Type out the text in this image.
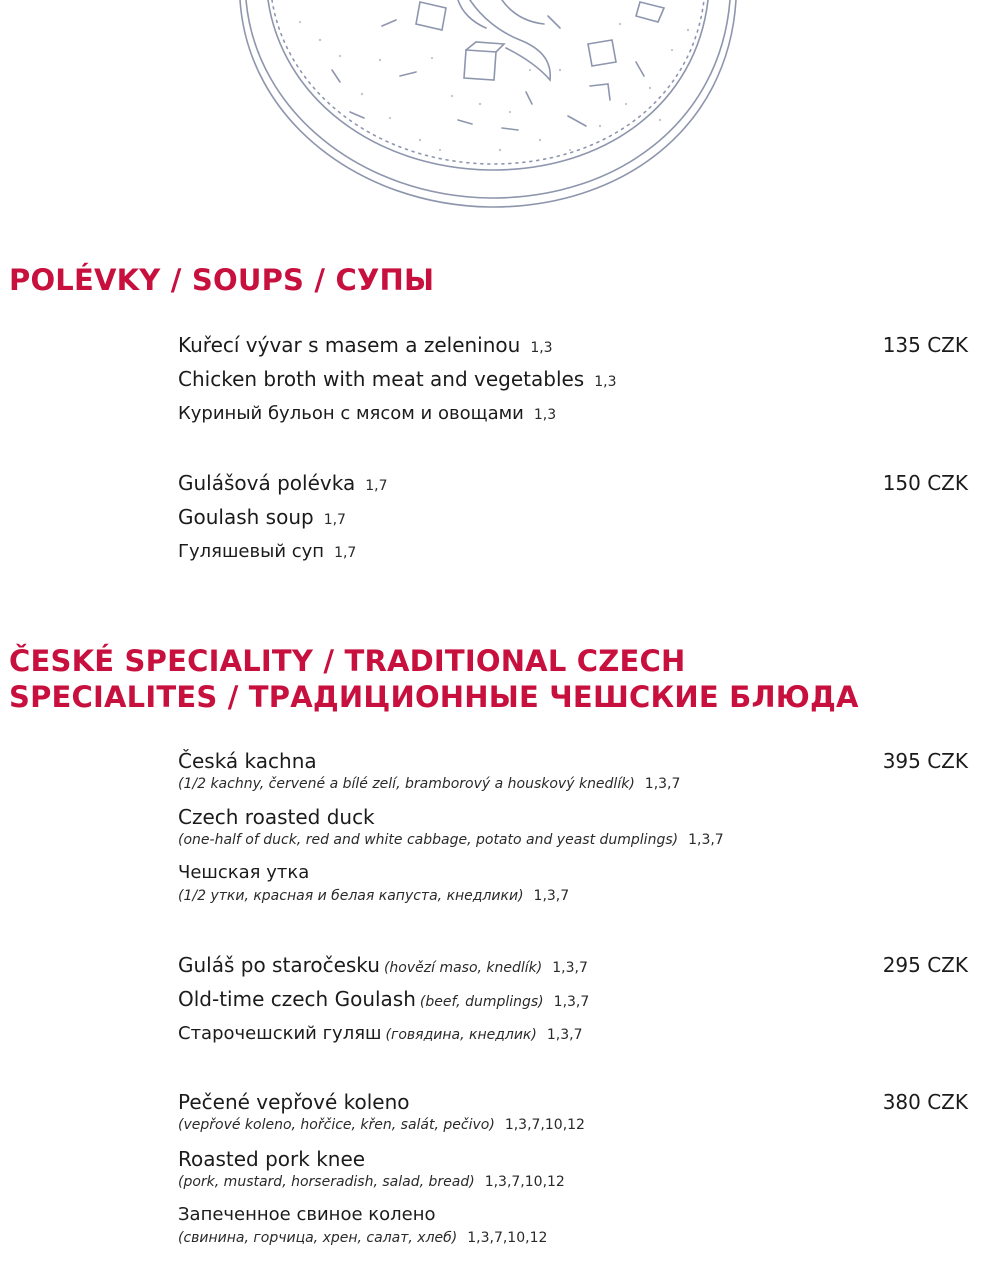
POLÉVKY / SOUPS / СУПЫ
Kuřecí vývar s masem a zeleninou 1,3	135 CZK
Chicken broth with meat and vegetables 1,3
Куриный бульон с мясом и овощами 1,3
Gulášová polévka 1,7	150 CZK
Goulash soup 1,7
Гуляшевый суп 1,7
ČESKÉ SPECIALITY / TRADITIONAL CZECH
SPECIALITES / ТРАДИЦИОННЫЕ ЧЕШСКИЕ БЛЮДА
Česká kachna	395 CZK
(1/2 kachny, červené a bílé zelí, bramborový a houskový knedlík) 1,3,7
Czech roasted duck
(one-half of duck, red and white cabbage, potato and yeast dumplings) 1,3,7
Чешская утка
(1/2 утки, красная и белая капуста, кнедлики) 1,3,7
Guláš po staročesku (hovězí maso, knedlík) 1,3,7	295 CZK
Old-time czech Goulash (beef, dumplings) 1,3,7
Старочешский гуляш (говядина, кнедлик) 1,3,7
Pečené vepřové koleno	380 CZK
(vepřové koleno, hořčice, křen, salát, pečivo) 1,3,7,10,12
Roasted pork knee
(pork, mustard, horseradish, salad, bread) 1,3,7,10,12
Запеченное свиное колено
(свинина, горчица, хрен, салат, хлеб) 1,3,7,10,12
